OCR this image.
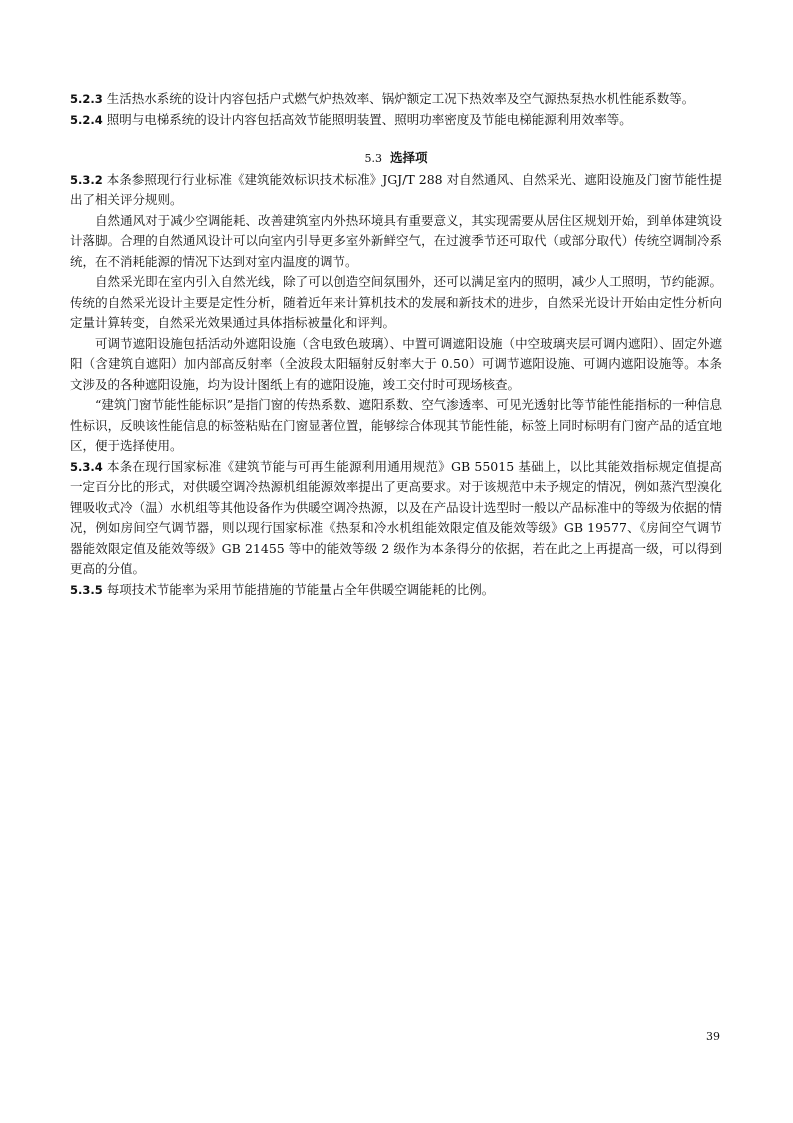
5.2.3 生活热水系统的设计内容包括户式燃气炉热效率、锅炉额定工况下热效率及空气源热泵热水机性能系数等。

5.2.4 照明与电梯系统的设计内容包括高效节能照明装置、照明功率密度及节能电梯能源利用效率等。

5.3 选择项

5.3.2 本条参照现行行业标准《建筑能效标识技术标准》JGJ/T 288 对自然通风、自然采光、遮阳设施及门窗节能性提出了相关评分规则。

自然通风对于减少空调能耗、改善建筑室内外热环境具有重要意义，其实现需要从居住区规划开始，到单体建筑设计落脚。合理的自然通风设计可以向室内引导更多室外新鲜空气，在过渡季节还可取代（或部分取代）传统空调制冷系统，在不消耗能源的情况下达到对室内温度的调节。

自然采光即在室内引入自然光线，除了可以创造空间氛围外，还可以满足室内的照明，减少人工照明，节约能源。传统的自然采光设计主要是定性分析，随着近年来计算机技术的发展和新技术的进步，自然采光设计开始由定性分析向定量计算转变，自然采光效果通过具体指标被量化和评判。

可调节遮阳设施包括活动外遮阳设施（含电致色玻璃）、中置可调遮阳设施（中空玻璃夹层可调内遮阳）、固定外遮阳（含建筑自遮阳）加内部高反射率（全波段太阳辐射反射率大于 0.50）可调节遮阳设施、可调内遮阳设施等。本条文涉及的各种遮阳设施，均为设计图纸上有的遮阳设施，竣工交付时可现场核查。

“建筑门窗节能性能标识”是指门窗的传热系数、遮阳系数、空气渗透率、可见光透射比等节能性能指标的一种信息性标识，反映该性能信息的标签粘贴在门窗显著位置，能够综合体现其节能性能，标签上同时标明有门窗产品的适宜地区，便于选择使用。

5.3.4 本条在现行国家标准《建筑节能与可再生能源利用通用规范》GB 55015 基础上，以比其能效指标规定值提高一定百分比的形式，对供暖空调冷热源机组能源效率提出了更高要求。对于该规范中未予规定的情况，例如蒸汽型溴化锂吸收式冷（温）水机组等其他设备作为供暖空调冷热源，以及在产品设计选型时一般以产品标准中的等级为依据的情况，例如房间空气调节器，则以现行国家标准《热泵和冷水机组能效限定值及能效等级》GB 19577、《房间空气调节器能效限定值及能效等级》GB 21455 等中的能效等级 2 级作为本条得分的依据，若在此之上再提高一级，可以得到更高的分值。

5.3.5 每项技术节能率为采用节能措施的节能量占全年供暖空调能耗的比例。

39
